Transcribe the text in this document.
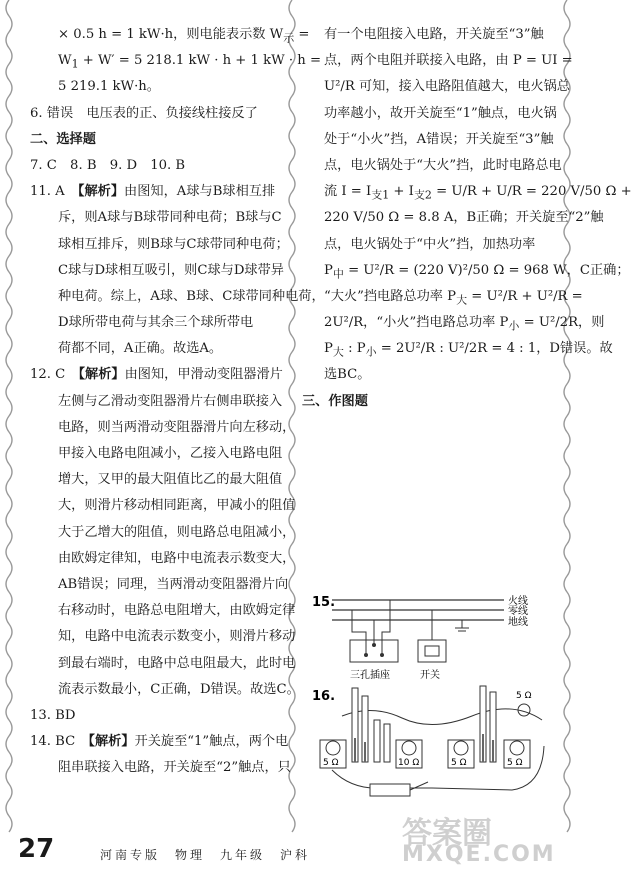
× 0.5 h = 1 kW·h，则电能表示数 $W_示$ =
$W_1 + W' = 5$ 218.1 kW · h + 1 kW · h =
5 219.1 kW·h。
6. 错误　电压表的正、负接线柱接反了
二、选择题
7. C　8. B　9. D　10. B
11. A　【解析】由图知，A球与B球相互排
斥，则A球与B球带同种电荷；B球与C
球相互排斥，则B球与C球带同种电荷；
C球与D球相互吸引，则C球与D球带异
种电荷。综上，A球、B球、C球带同种电荷，
D球所带电荷与其余三个球所带电
荷都不同，A正确。故选A。
12. C　【解析】由图知，甲滑动变阻器滑片
左侧与乙滑动变阻器滑片右侧串联接入
电路，则当两滑动变阻器滑片向左移动，
甲接入电路电阻减小，乙接入电路电阻
增大，又甲的最大阻值比乙的最大阻值
大，则滑片移动相同距离，甲减小的阻值
大于乙增大的阻值，则电路总电阻减小，
由欧姆定律知，电路中电流表示数变大，
AB错误；同理，当两滑动变阻器滑片向
右移动时，电路总电阻增大，由欧姆定律
知，电路中电流表示数变小，则滑片移动
到最右端时，电路中总电阻最大，此时电
流表示数最小，C正确，D错误。故选C。
13. BD
14. BC　【解析】开关旋至“1”触点，两个电
阻串联接入电路，开关旋至“2”触点，只
有一个电阻接入电路，开关旋至“3”触
点，两个电阻并联接入电路，由 P = UI =
U²/R 可知，接入电路阻值越大，电火锅总
功率越小，故开关旋至“1”触点，电火锅
处于“小火”挡，A错误；开关旋至“3”触
点，电火锅处于“大火”挡，此时电路总电
流 $I = I_{支1} + I_{支2} = U/R + U/R = 220$ V/50 Ω +
220 V/50 Ω = 8.8 A，B正确；开关旋至“2”触
点，电火锅处于“中火”挡，加热功率
$P_中 = U^2/R = (220$ V)²/50 Ω = 968 W，C正确；
“大火”挡电路总功率 $P_大 = U^2/R + U^2/R$ =
2U²/R，“小火”挡电路总功率 $P_小 = U^2/2R$，则
$P_大$ : $P_小 = 2U^2/R$ : U²/2R = 4 : 1，D错误。故
选BC。
三、作图题
15.	火线
零线
地线
三孔插座	开关
16.
5 Ω	10 Ω	5 Ω	5 Ω
5 Ω
答案圈
MXQE.COM
27	河南专版　物理　九年级　沪科
